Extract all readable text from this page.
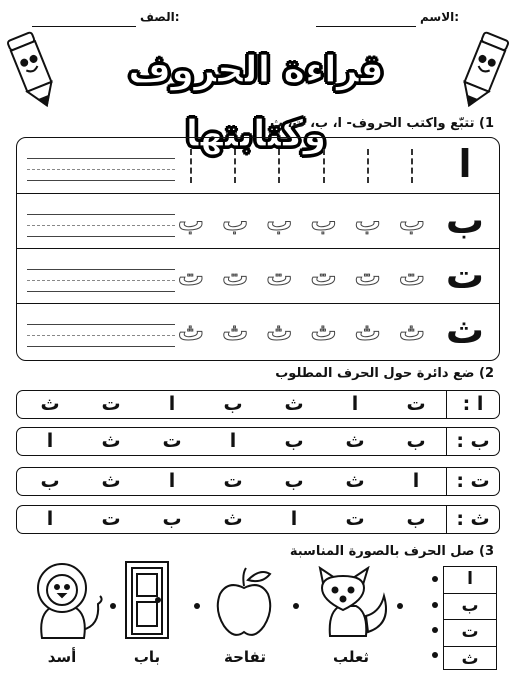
الاسم:
الصف:
قراءة الحروف وكتابتها
1) تتبّع واكتب الحروف- ا، ب، ت، ث
ا
ب
ب
ب
ب
ب
ب
ب
ت
ت
ت
ت
ت
ت
ت
ث
ث
ث
ث
ث
ث
ث
2) ضع دائرة حول الحرف المطلوب
ا :
ت
ا
ث
ب
ا
ت
ث
ب :
ب
ث
ب
ا
ت
ث
ا
ت :
ا
ث
ب
ت
ا
ث
ب
ث :
ب
ت
ا
ث
ب
ت
ا
3) صل الحرف بالصورة المناسبة
ا
ب
ت
ث
ثعلب
تفاحة
باب
أسد
